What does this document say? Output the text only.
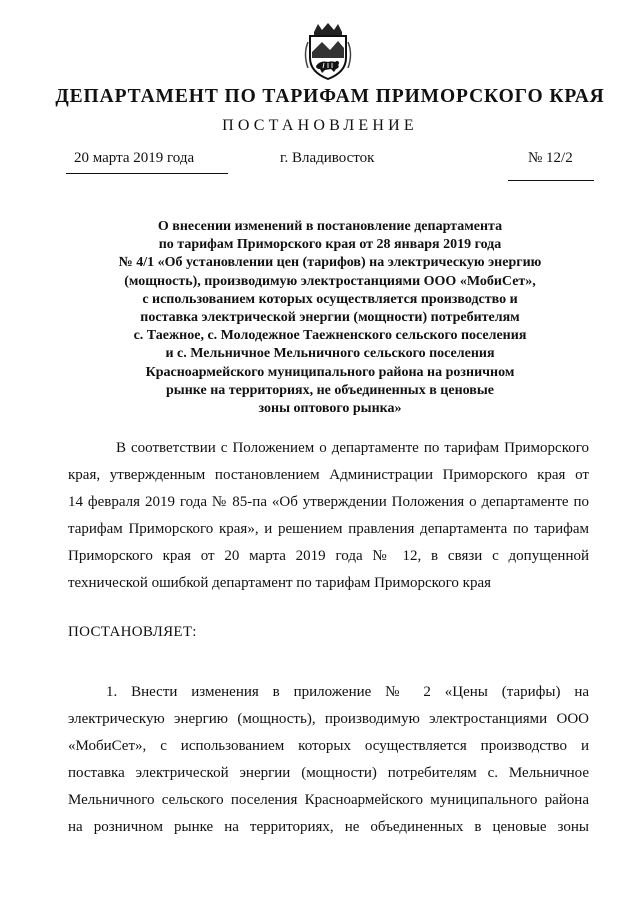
ДЕПАРТАМЕНТ ПО ТАРИФАМ ПРИМОРСКОГО КРАЯ
ПОСТАНОВЛЕНИЕ
20 марта 2019 года	г. Владивосток	№ 12/2
О внесении изменений в постановление департамента
по тарифам Приморского края от 28 января 2019 года
№ 4/1 «Об установлении цен (тарифов) на электрическую энергию
(мощность), производимую электростанциями ООО «МобиСет»,
с использованием которых осуществляется производство и
поставка электрической энергии (мощности) потребителям
с. Таежное, с. Молодежное Таежненского сельского поселения
и с. Мельничное Мельничного сельского поселения
Красноармейского муниципального района на розничном
рынке на территориях, не объединенных в ценовые
зоны оптового рынка»
В соответствии с Положением о департаменте по тарифам Приморского
края, утвержденным постановлением Администрации Приморского края от
14 февраля 2019 года № 85-па «Об утверждении Положения о департаменте по
тарифам Приморского края», и решением правления департамента по тарифам
Приморского края от 20 марта 2019 года № 12, в связи с допущенной
технической ошибкой департамент по тарифам Приморского края
ПОСТАНОВЛЯЕТ:
1. Внести изменения в приложение № 2 «Цены (тарифы) на
электрическую энергию (мощность), производимую электростанциями ООО
«МобиСет», с использованием которых осуществляется производство и
поставка электрической энергии (мощности) потребителям с. Мельничное
Мельничного сельского поселения Красноармейского муниципального района
на розничном рынке на территориях, не объединенных в ценовые зоны
